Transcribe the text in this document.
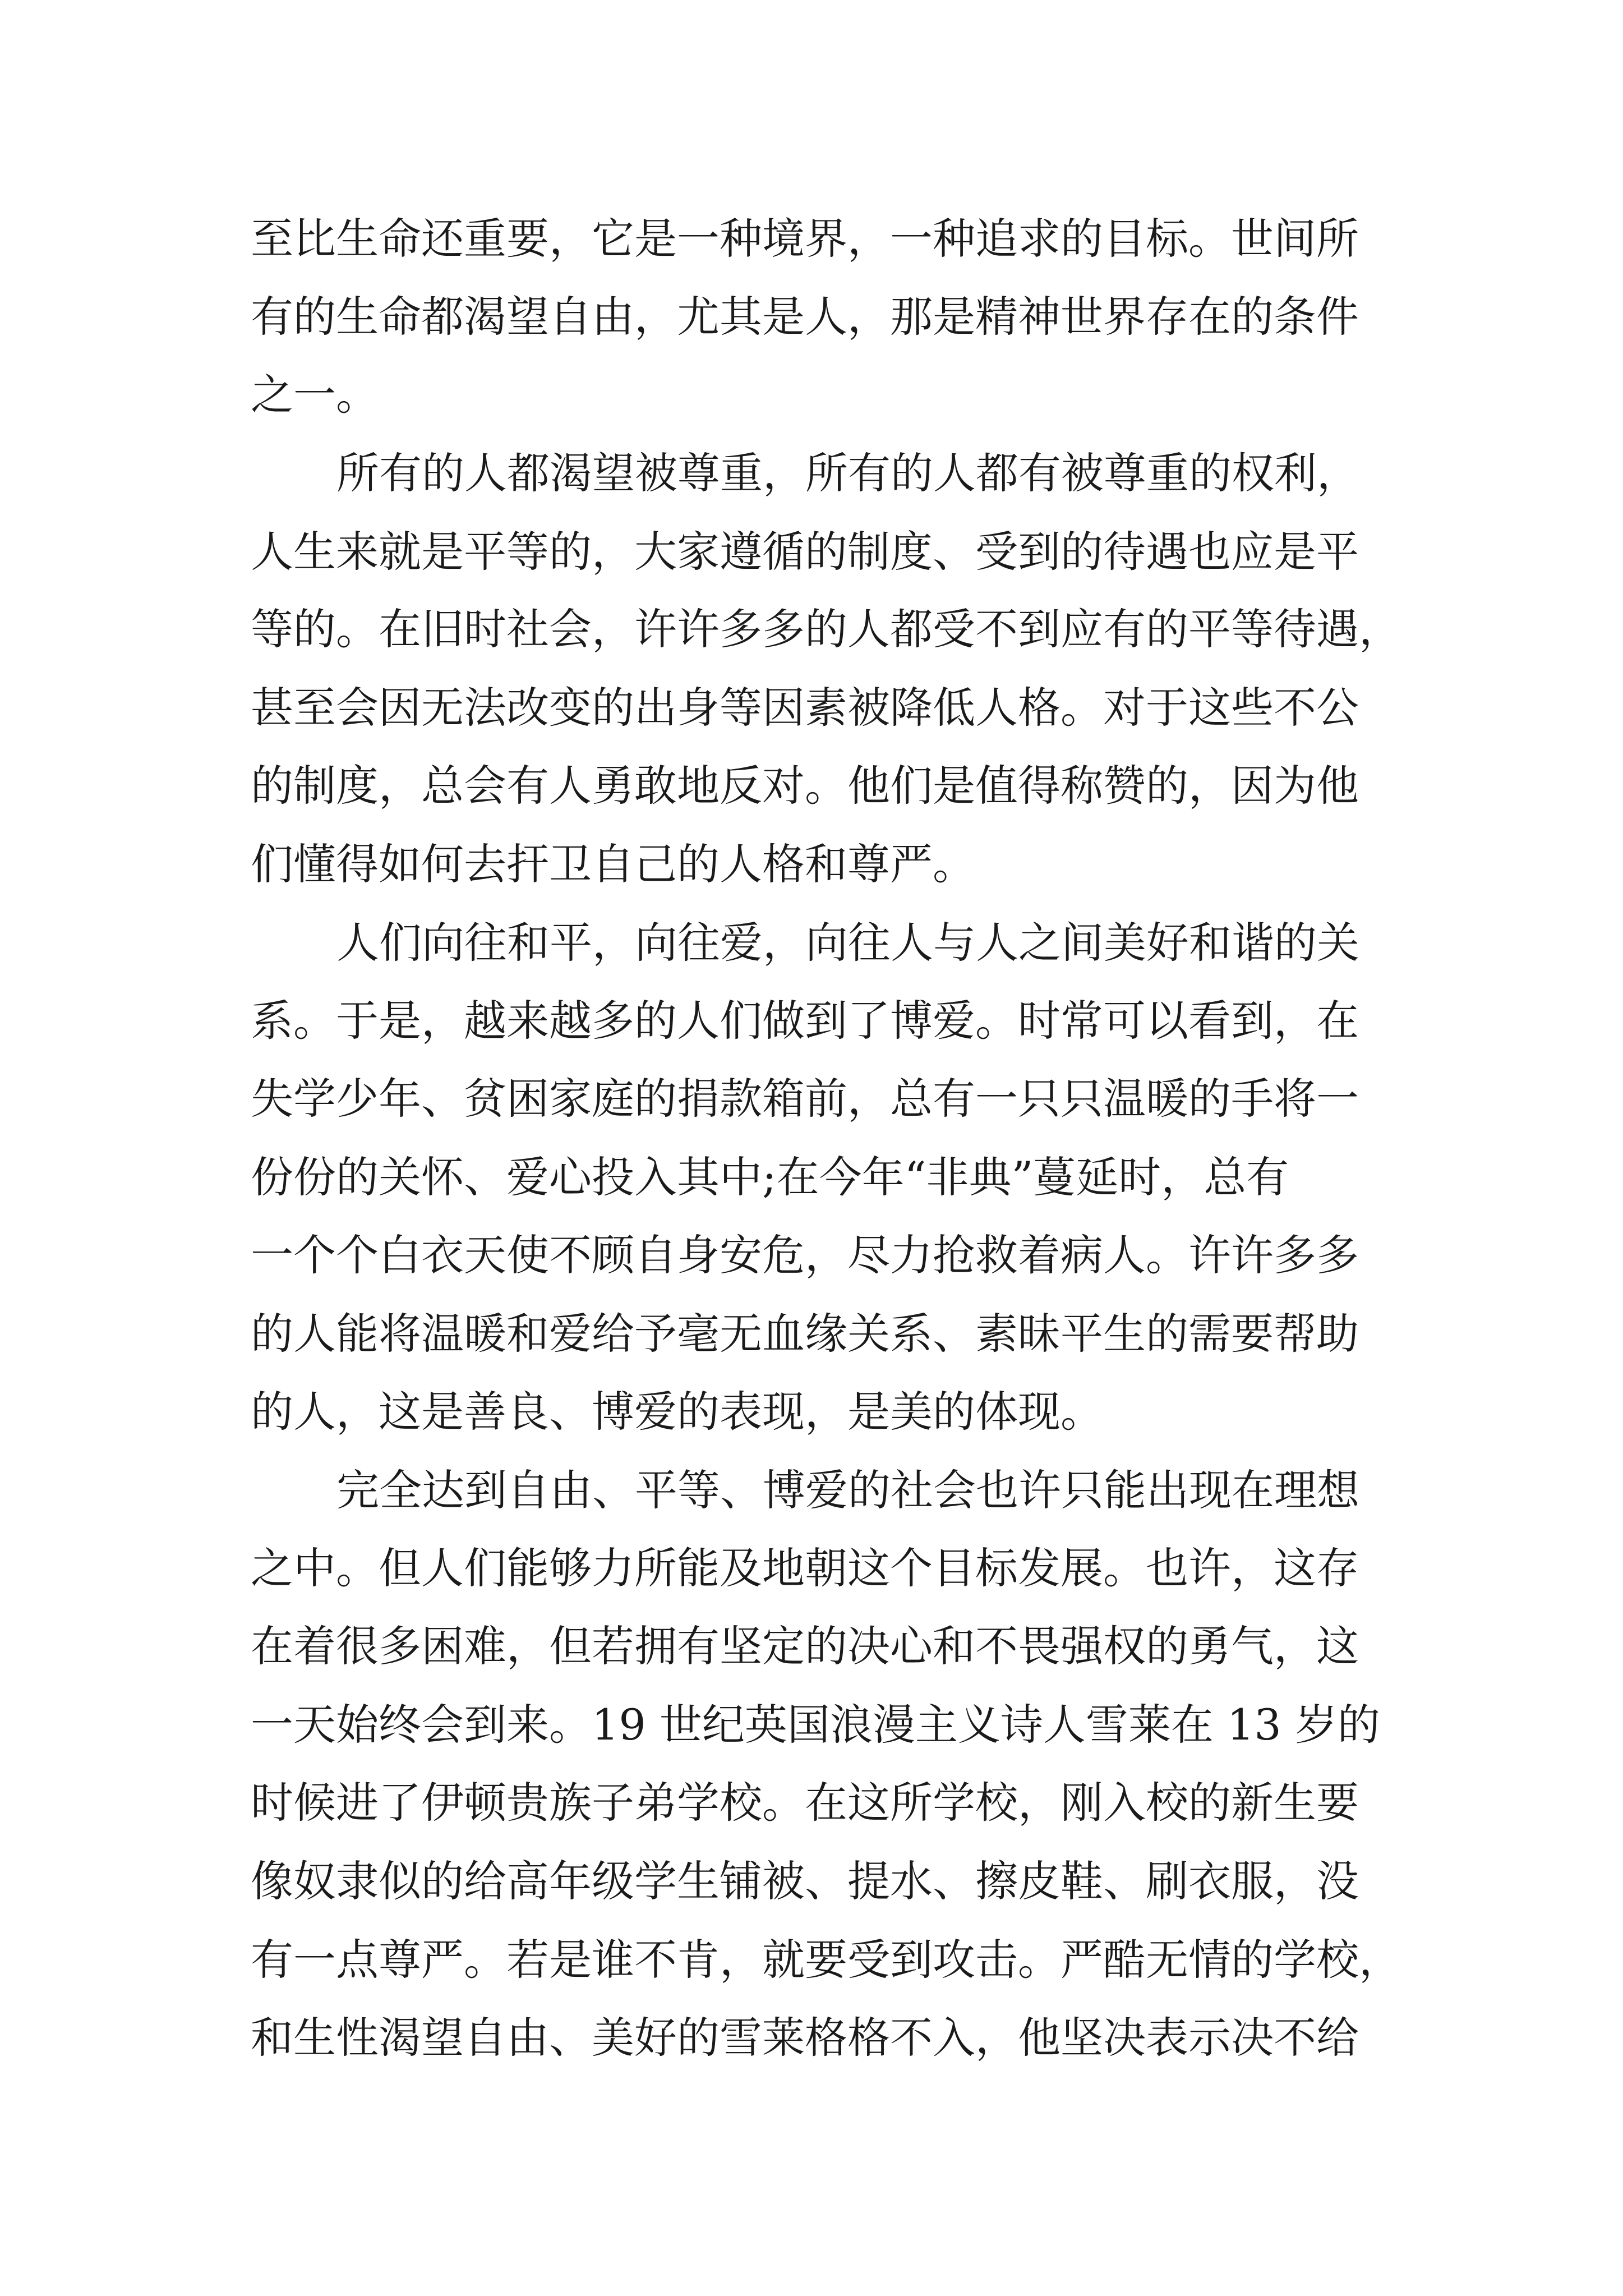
至比生命还重要，它是一种境界，一种追求的目标。世间所
有的生命都渴望自由，尤其是人，那是精神世界存在的条件
之一。
所有的人都渴望被尊重，所有的人都有被尊重的权利，
人生来就是平等的，大家遵循的制度、受到的待遇也应是平
等的。在旧时社会，许许多多的人都受不到应有的平等待遇，
甚至会因无法改变的出身等因素被降低人格。对于这些不公
的制度，总会有人勇敢地反对。他们是值得称赞的，因为他
们懂得如何去扞卫自己的人格和尊严。
人们向往和平，向往爱，向往人与人之间美好和谐的关
系。于是，越来越多的人们做到了博爱。时常可以看到，在
失学少年、贫困家庭的捐款箱前，总有一只只温暖的手将一
份份的关怀、爱心投入其中;在今年“非典”蔓延时，总有
一个个白衣天使不顾自身安危，尽力抢救着病人。许许多多
的人能将温暖和爱给予毫无血缘关系、素昧平生的需要帮助
的人，这是善良、博爱的表现，是美的体现。
完全达到自由、平等、博爱的社会也许只能出现在理想
之中。但人们能够力所能及地朝这个目标发展。也许，这存
在着很多困难，但若拥有坚定的决心和不畏强权的勇气，这
一天始终会到来。19 世纪英国浪漫主义诗人雪莱在 13 岁的
时候进了伊顿贵族子弟学校。在这所学校，刚入校的新生要
像奴隶似的给高年级学生铺被、提水、擦皮鞋、刷衣服，没
有一点尊严。若是谁不肯，就要受到攻击。严酷无情的学校，
和生性渴望自由、美好的雪莱格格不入，他坚决表示决不给
